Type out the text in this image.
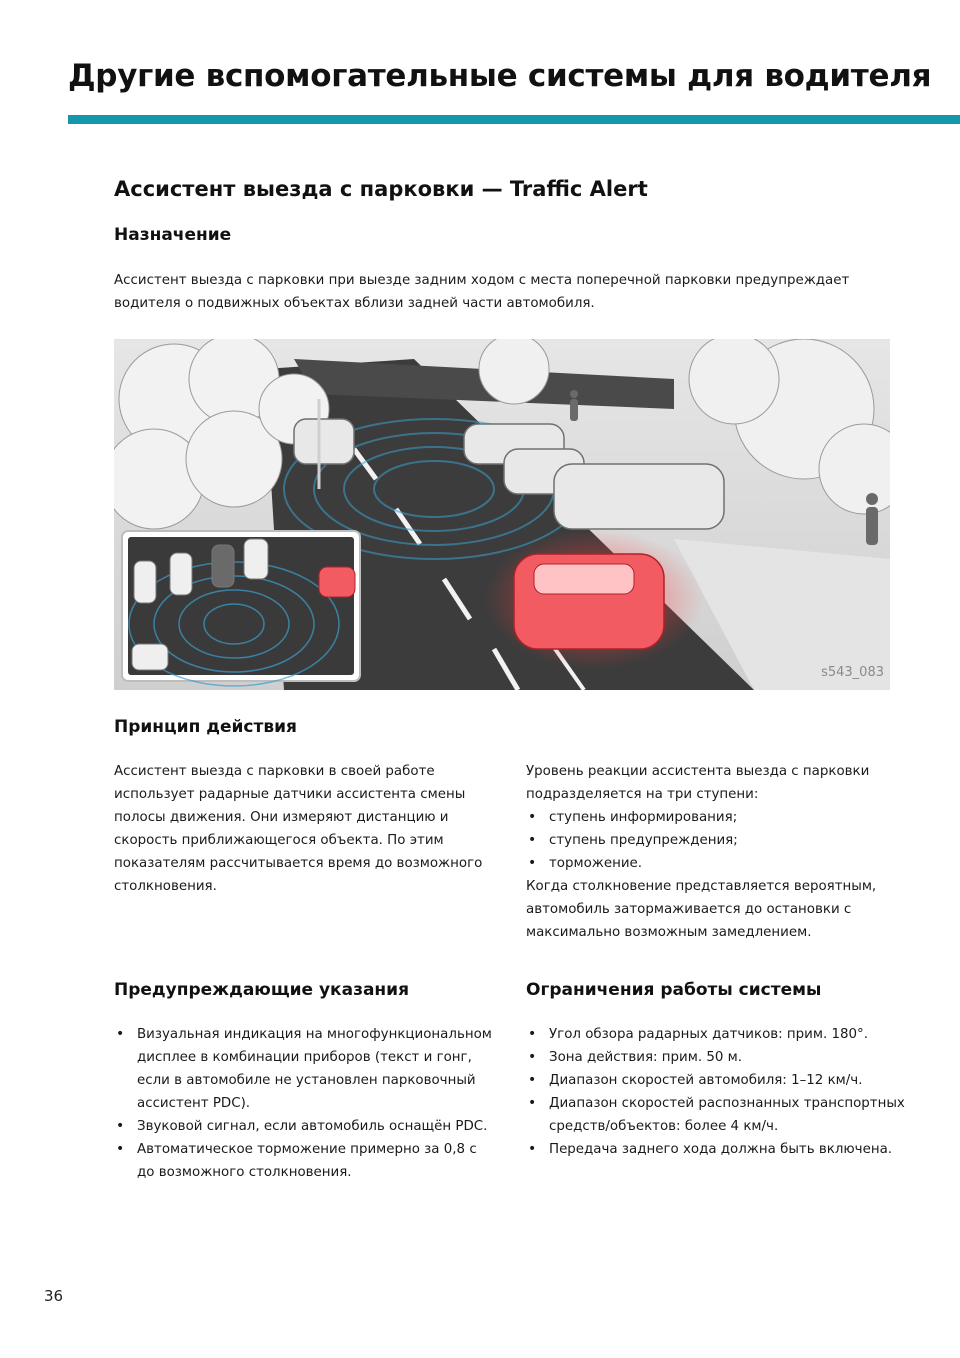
Другие вспомогательные системы для водителя
Ассистент выезда с парковки — Traffic Alert
Назначение

Ассистент выезда с парковки при выезде задним ходом с места поперечной парковки предупреждает водителя о подвижных объектах вблизи задней части автомобиля.

s543_083
Принцип действия

Ассистент выезда с парковки в своей работе использует радарные датчики ассистента смены полосы движения. Они измеряют дистанцию и скорость приближающегося объекта. По этим показателям рассчитывается время до возможного столкновения.

Уровень реакции ассистента выезда с парковки подразделяется на три ступени:

• ступень информирования;
• ступень предупреждения;
• торможение.

Когда столкновение представляется вероятным, автомобиль затормаживается до остановки с максимально возможным замедлением.

Предупреждающие указания
• Визуальная индикация на многофункциональном дисплее в комбинации приборов (текст и гонг, если в автомобиле не установлен парковочный ассистент PDC).
• Звуковой сигнал, если автомобиль оснащён PDC.
• Автоматическое торможение примерно за 0,8 с до возможного столкновения.
Ограничения работы системы
• Угол обзора радарных датчиков: прим. 180°.
• Зона действия: прим. 50 м.
• Диапазон скоростей автомобиля: 1–12 км/ч.
• Диапазон скоростей распознанных транспортных средств/объектов: более 4 км/ч.
• Передача заднего хода должна быть включена.
36
